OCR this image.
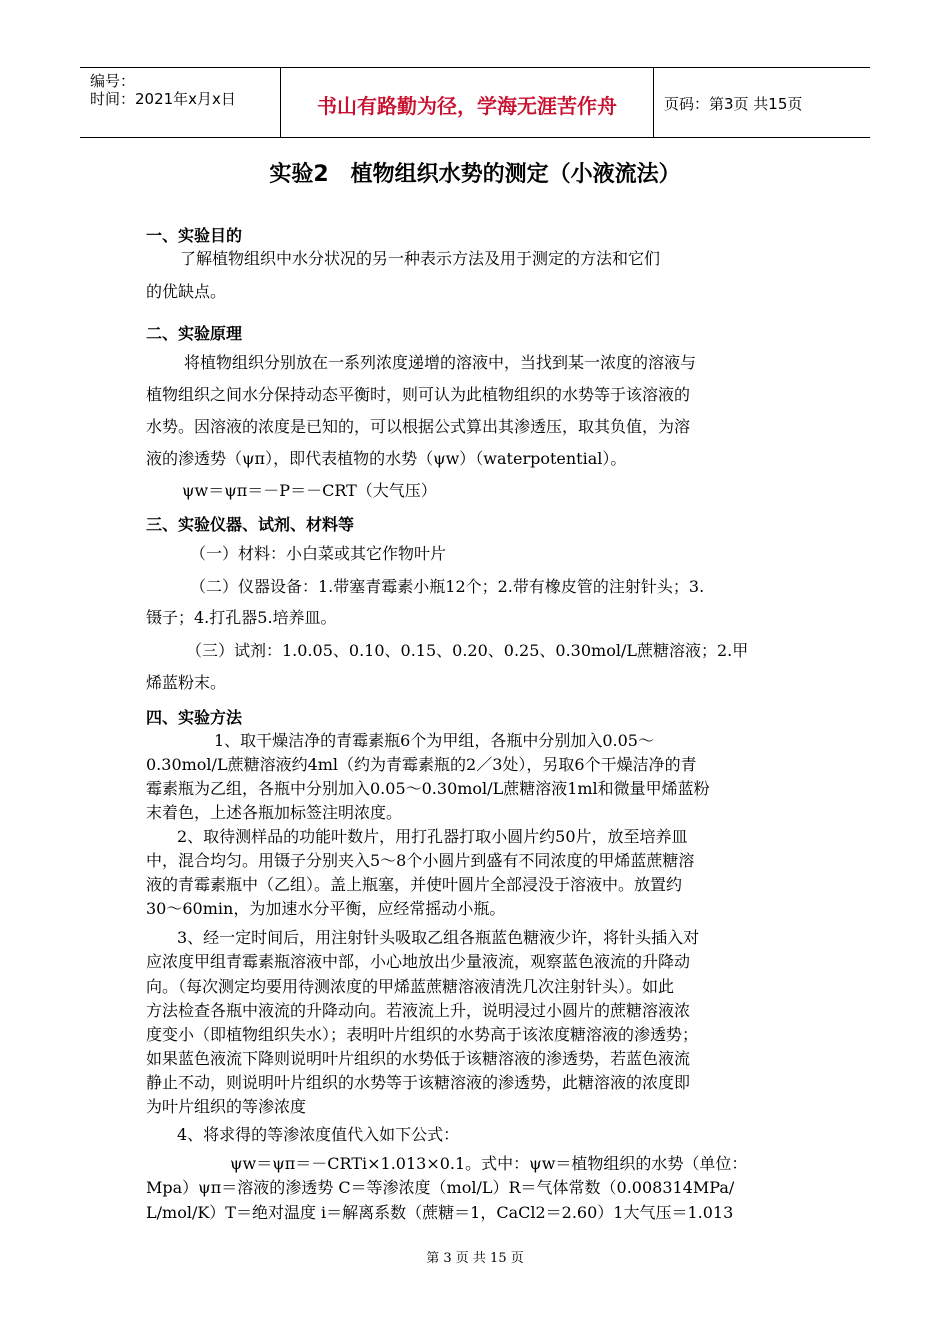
编号：
时间：2021年x月x日	书山有路勤为径，学海无涯苦作舟	页码：第3页 共15页
实验2　植物组织水势的测定（小液流法）
一、实验目的
了解植物组织中水分状况的另一种表示方法及用于测定的方法和它们
的优缺点。
二、实验原理
将植物组织分别放在一系列浓度递增的溶液中，当找到某一浓度的溶液与
植物组织之间水分保持动态平衡时，则可认为此植物组织的水势等于该溶液的
水势。因溶液的浓度是已知的，可以根据公式算出其渗透压，取其负值，为溶
液的渗透势（ψπ），即代表植物的水势（ψw）（waterpotential）。
ψw＝ψπ＝－P＝－CRT（大气压）
三、实验仪器、试剂、材料等
（一）材料：小白菜或其它作物叶片
（二）仪器设备：1.带塞青霉素小瓶12个；2.带有橡皮管的注射针头；3.
镊子；4.打孔器5.培养皿。
（三）试剂：1.0.05、0.10、0.15、0.20、0.25、0.30mol/L蔗糖溶液；2.甲
烯蓝粉末。
四、实验方法
1、取干燥洁净的青霉素瓶6个为甲组，各瓶中分别加入0.05～
0.30mol/L蔗糖溶液约4ml（约为青霉素瓶的2／3处），另取6个干燥洁净的青
霉素瓶为乙组，各瓶中分别加入0.05～0.30mol/L蔗糖溶液1ml和微量甲烯蓝粉
末着色，上述各瓶加标签注明浓度。
2、取待测样品的功能叶数片，用打孔器打取小圆片约50片，放至培养皿
中，混合均匀。用镊子分别夹入5～8个小圆片到盛有不同浓度的甲烯蓝蔗糖溶
液的青霉素瓶中（乙组）。盖上瓶塞，并使叶圆片全部浸没于溶液中。放置约
30～60min，为加速水分平衡，应经常摇动小瓶。
3、经一定时间后，用注射针头吸取乙组各瓶蓝色糖液少许，将针头插入对
应浓度甲组青霉素瓶溶液中部，小心地放出少量液流，观察蓝色液流的升降动
向。（每次测定均要用待测浓度的甲烯蓝蔗糖溶液清洗几次注射针头）。如此
方法检查各瓶中液流的升降动向。若液流上升，说明浸过小圆片的蔗糖溶液浓
度变小（即植物组织失水）；表明叶片组织的水势高于该浓度糖溶液的渗透势；
如果蓝色液流下降则说明叶片组织的水势低于该糖溶液的渗透势，若蓝色液流
静止不动，则说明叶片组织的水势等于该糖溶液的渗透势，此糖溶液的浓度即
为叶片组织的等渗浓度
4、将求得的等渗浓度值代入如下公式：
ψw＝ψπ＝－CRTi×1.013×0.1。式中：ψw＝植物组织的水势（单位：
Mpa）ψπ＝溶液的渗透势 C＝等渗浓度（mol/L）R＝气体常数（0.008314MPa/
L/mol/K）T＝绝对温度 i＝解离系数（蔗糖＝1，CaCl2＝2.60）1大气压＝1.013
第 3 页 共 15 页
